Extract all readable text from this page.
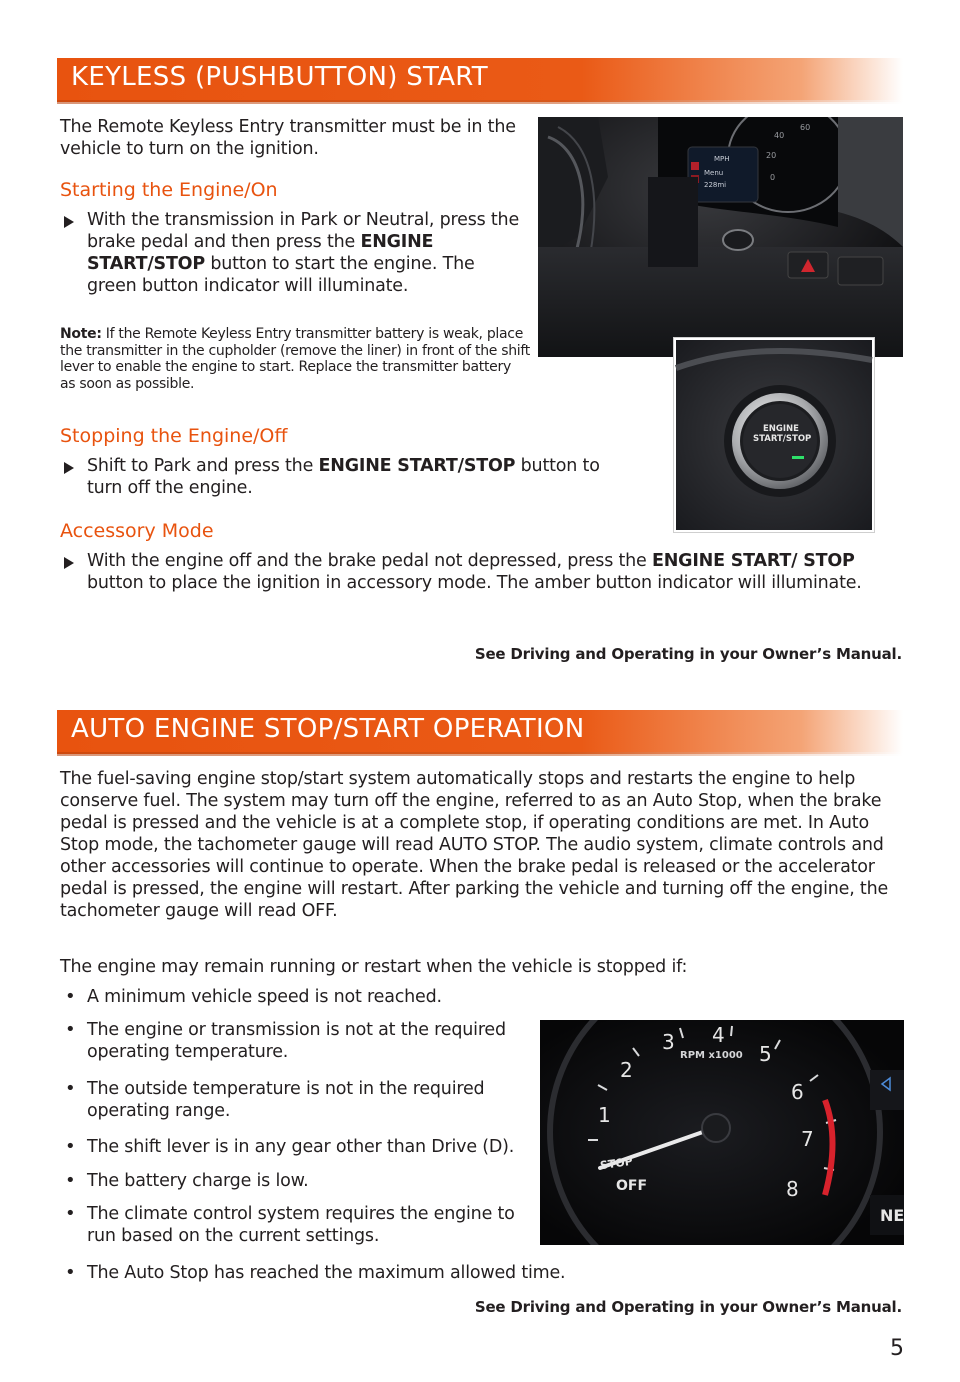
KEYLESS (PUSHBUTTON) START
The Remote Keyless Entry transmitter must be in the vehicle to turn on the ignition.
Starting the Engine/On
With the transmission in Park or Neutral, press the brake pedal and then press the ENGINE START/STOP button to start the engine. The green button indicator will illuminate.
Note: If the Remote Keyless Entry transmitter battery is weak, place the transmitter in the cupholder (remove the liner) in front of the shift lever to enable the engine to start. Replace the transmitter battery as soon as possible.
Stopping the Engine/Off
Shift to Park and press the ENGINE START/STOP button to turn off the engine.
Accessory Mode
With the engine off and the brake pedal not depressed, press the ENGINE START/ STOP button to place the ignition in accessory mode. The amber button indicator will illuminate.
See Driving and Operating in your Owner’s Manual.
MPH
Menu
228mi
60
40
20
0
ENGINE START/STOP
AUTO ENGINE STOP/START OPERATION
The fuel-saving engine stop/start system automatically stops and restarts the engine to help conserve fuel. The system may turn off the engine, referred to as an Auto Stop, when the brake pedal is pressed and the vehicle is at a complete stop, if operating conditions are met. In Auto Stop mode, the tachometer gauge will read AUTO STOP. The audio system, climate controls and other accessories will continue to operate. When the brake pedal is released or the accelerator pedal is pressed, the engine will restart. After parking the vehicle and turning off the engine, the tachometer gauge will read OFF.
The engine may remain running or restart when the vehicle is stopped if:
• A minimum vehicle speed is not reached.
• The engine or transmission is not at the required operating temperature.
• The outside temperature is not in the required operating range.
• The shift lever is in any gear other than Drive (D).
• The battery charge is low.
• The climate control system requires the engine to run based on the current settings.
• The Auto Stop has reached the maximum allowed time.
See Driving and Operating in your Owner’s Manual.
1
2
3 4
5
6
7
8
RPM x1000
STOP
OFF
NE
5
